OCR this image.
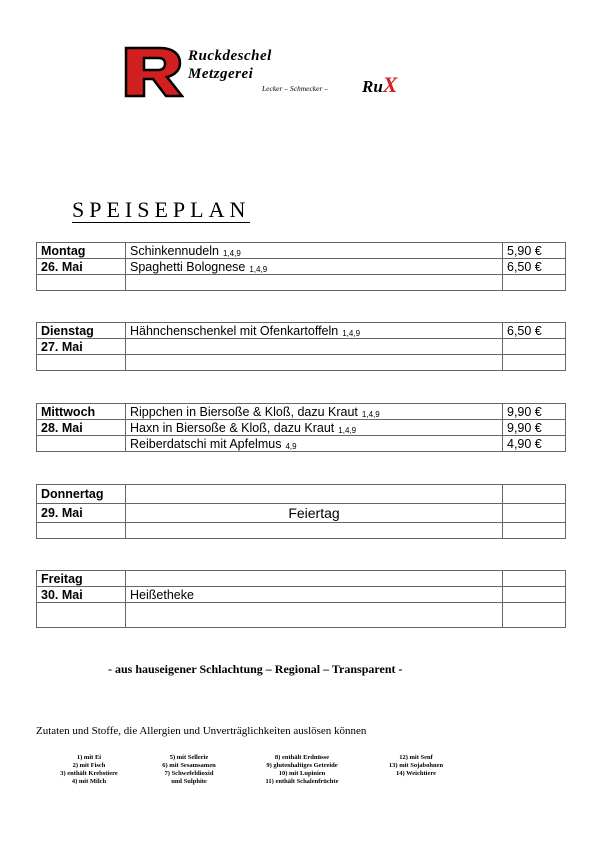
Ruckdeschel
Metzgerei
Lecker – Schmecker – RuX
SPEISEPLAN
Montag	Schinkennudeln $_{1,4,9}$	5,90 €
26. Mai	Spaghetti Bolognese $_{1,4,9}$	6,50 €

Dienstag	Hähnchenschenkel mit Ofenkartoffeln $_{1,4,9}$	6,50 €
27. Mai		

Mittwoch	Rippchen in Biersoße & Kloß, dazu Kraut $_{1,4,9}$	9,90 €
28. Mai	Haxn in Biersoße & Kloß, dazu Kraut $_{1,4,9}$	9,90 €
	Reiberdatschi mit Apfelmus $_{4,9}$	4,90 €
Donnertag		
29. Mai	Feiertag	

Freitag		
30. Mai	Heißetheke	

- aus hauseigener Schlachtung – Regional – Transparent -
Zutaten und Stoffe, die Allergien und Unverträglichkeiten auslösen können
1) mit Ei
2) mit Fisch
3) enthält Krebstiere
4) mit Milch
5) mit Sellerie
6) mit Sesamsamen
7) Schwefeldioxid
und Sulphite
8) enthält Erdnüsse
9) glutenhaltiges Getreide
10) mit Lupinien
11) enthält Schalenfrüchte
12) mit Senf
13) mit Sojabohnen
14) Weichtiere
